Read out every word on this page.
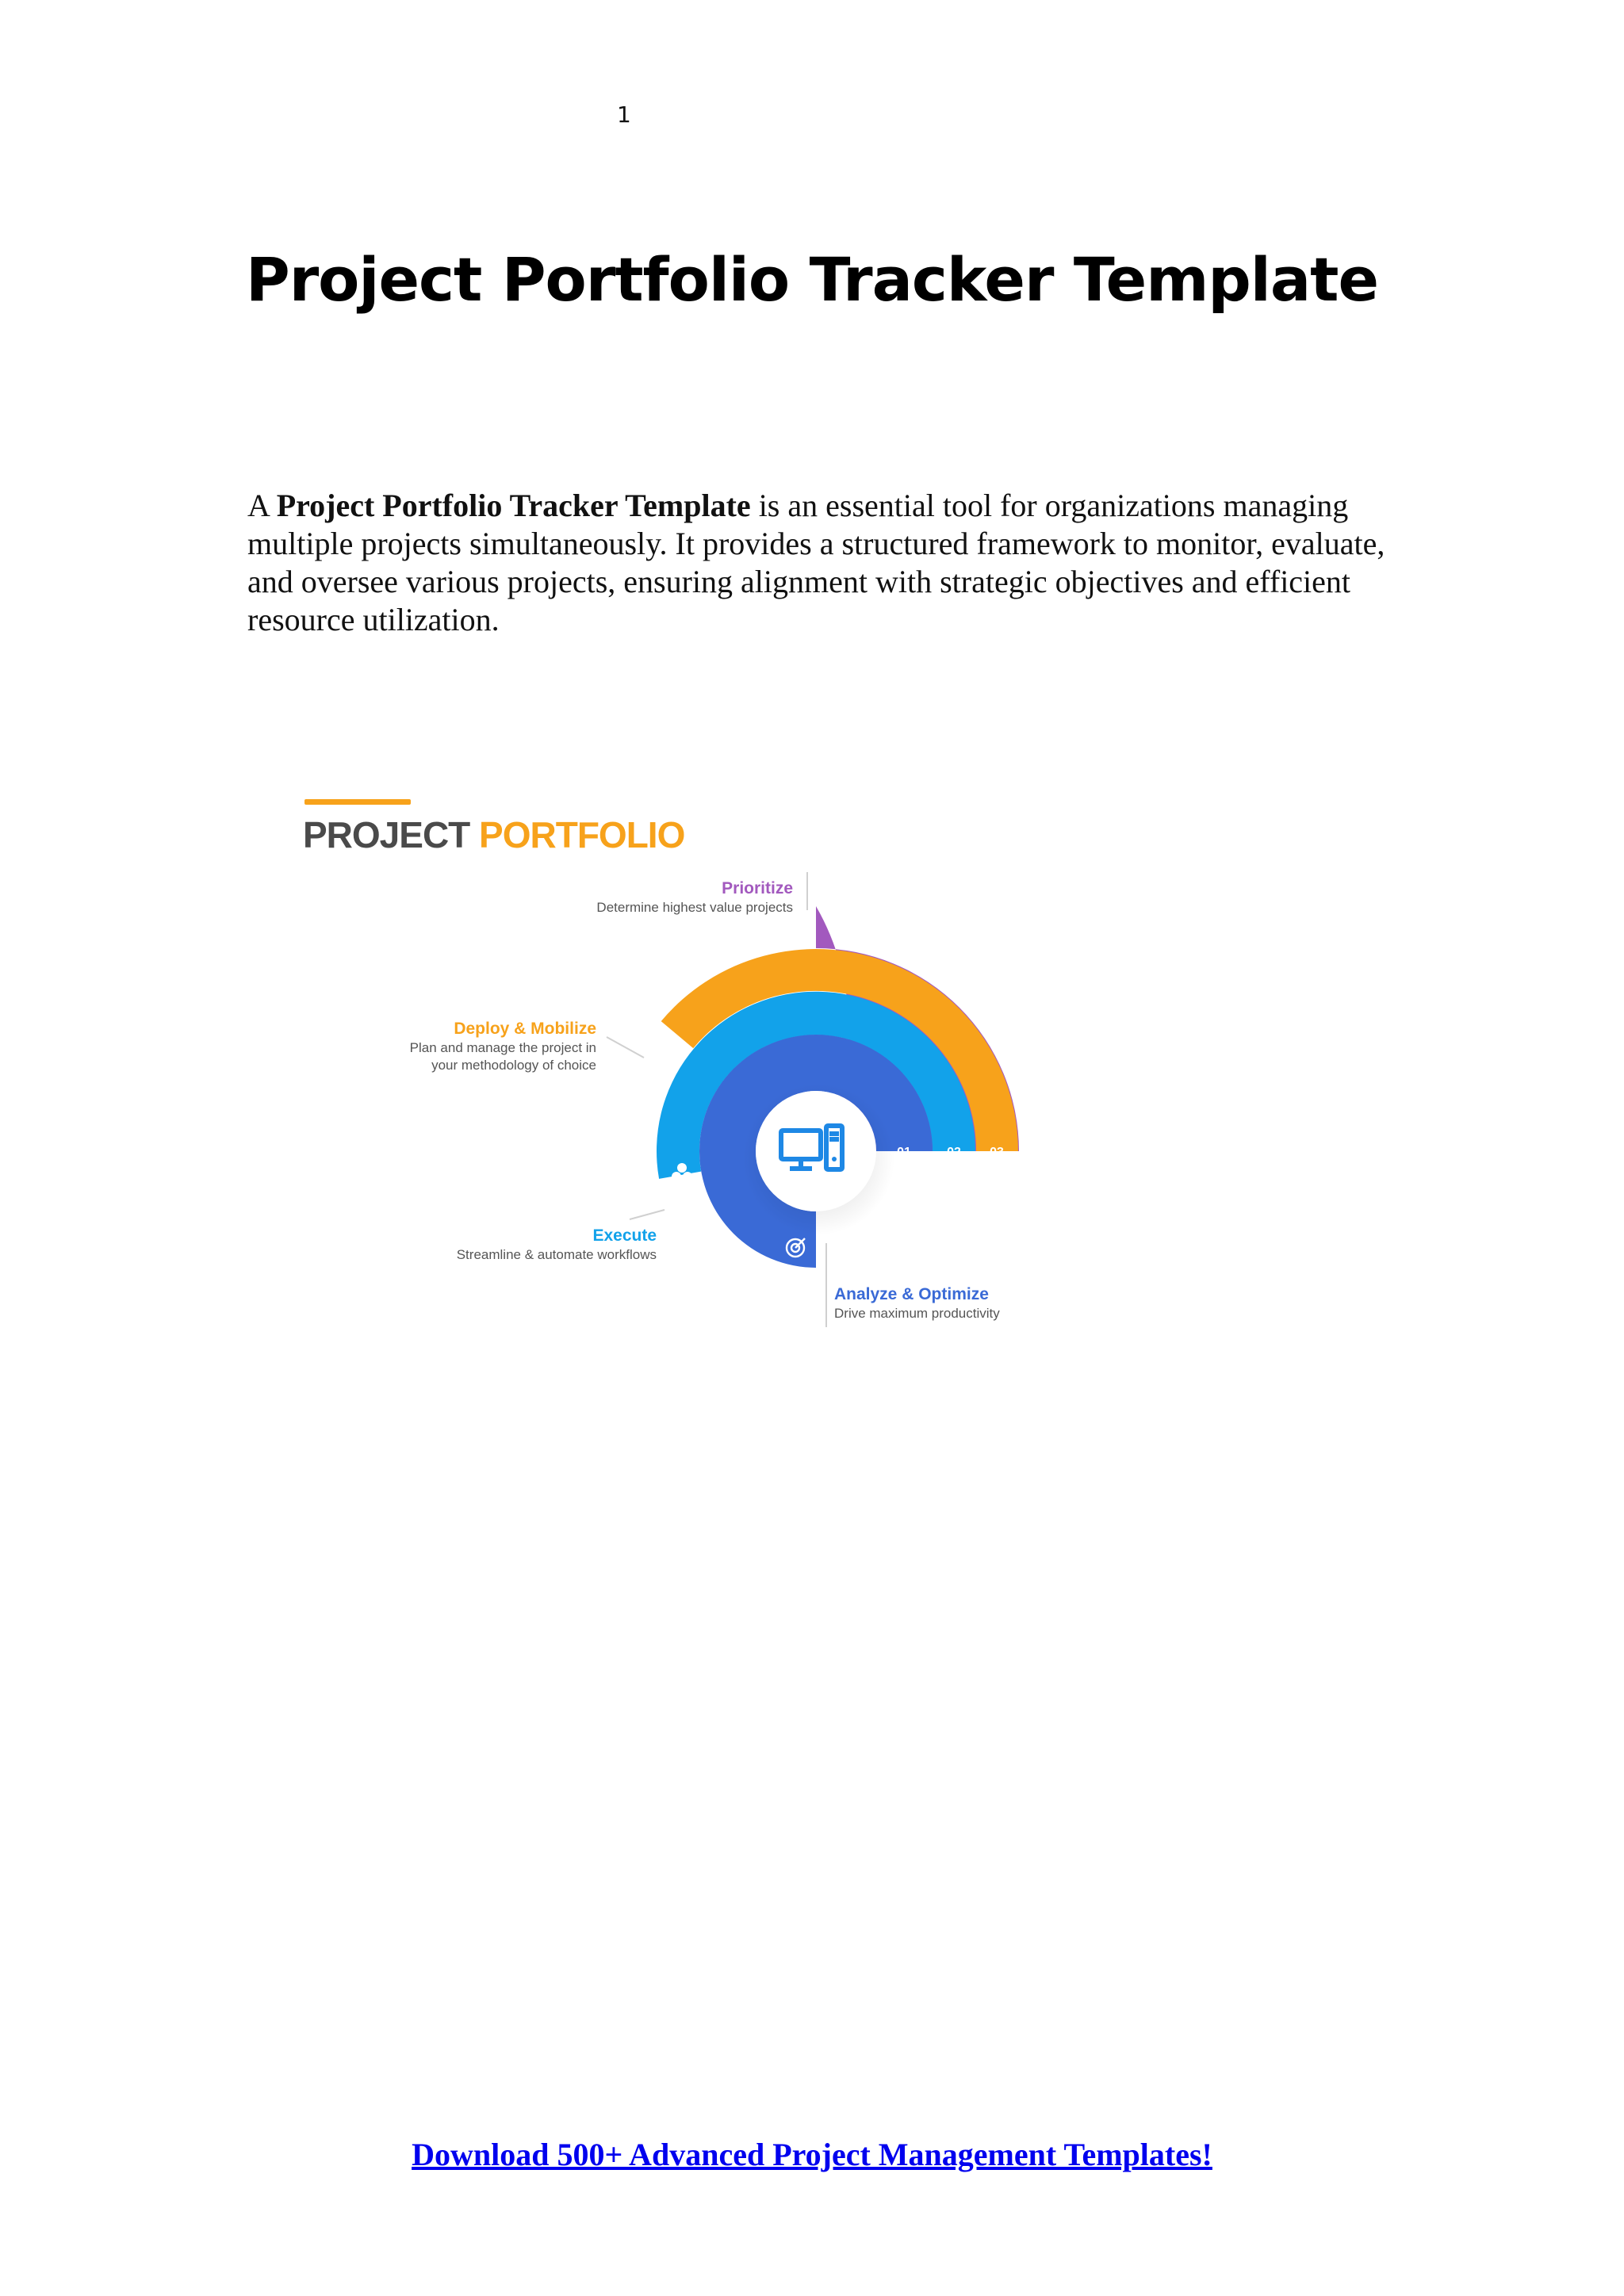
1
Project Portfolio Tracker Template

A Project Portfolio Tracker Template is an essential tool for organizations managing multiple projects simultaneously. It provides a structured framework to monitor, evaluate, and oversee various projects, ensuring alignment with strategic objectives and efficient resource utilization.

PROJECT PORTFOLIO
01	02 03 04
Prioritize
Determine highest value projects
Deploy & Mobilize
Plan and manage the project in
your methodology of choice
Execute
Streamline & automate workflows
Analyze & Optimize
Drive maximum productivity
Download 500+ Advanced Project Management Templates!
